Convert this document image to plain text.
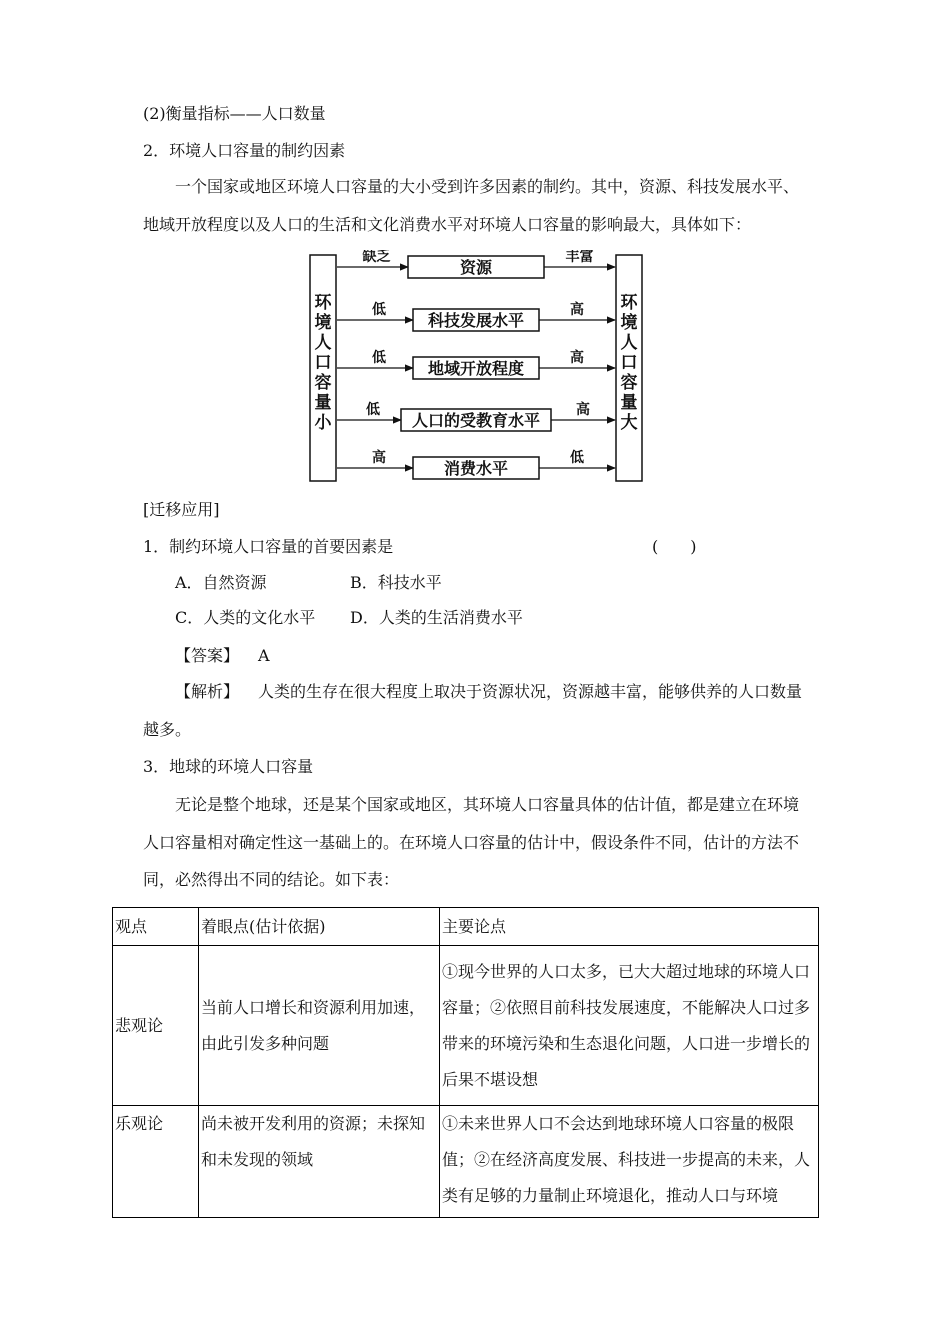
(2)衡量指标——人口数量
2．环境人口容量的制约因素
一个国家或地区环境人口容量的大小受到许多因素的制约。其中，资源、科技发展水平、
地域开放程度以及人口的生活和文化消费水平对环境人口容量的影响最大，具体如下：
环
境
人
口
容
量
小
环
境
人
口
容
量
大
资源
缺乏	丰富
科技发展水平
低	高
地域开放程度
低	高
人口的受教育水平
低	高
消费水平
高	低
[迁移应用]
1．制约环境人口容量的首要因素是	(　　)
A．自然资源	B．科技水平
C．人类的文化水平 D．人类的生活消费水平
【答案】 A
【解析】 人类的生存在很大程度上取决于资源状况，资源越丰富，能够供养的人口数量
越多。
3．地球的环境人口容量
无论是整个地球，还是某个国家或地区，其环境人口容量具体的估计值，都是建立在环境
人口容量相对确定性这一基础上的。在环境人口容量的估计中，假设条件不同，估计的方法不
同，必然得出不同的结论。如下表：
观点	着眼点(估计依据)	主要论点
悲观论	当前人口增长和资源利用加速，由此引发多种问题	①现今世界的人口太多，已大大超过地球的环境人口容量；②依照目前科技发展速度，不能解决人口过多带来的环境污染和生态退化问题，人口进一步增长的后果不堪设想

乐观论	尚未被开发利用的资源；未探知和未发现的领域	①未来世界人口不会达到地球环境人口容量的极限值；②在经济高度发展、科技进一步提高的未来，人类有足够的力量制止环境退化，推动人口与环境
